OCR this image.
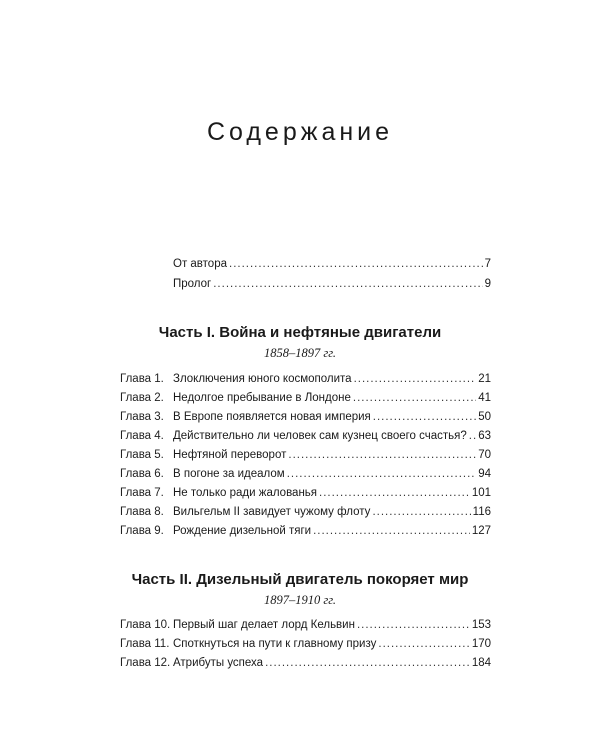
Содержание
От автора .....	7
Пролог .....	9
Часть I. Война и нефтяные двигатели
1858–1897 гг.
Глава 1. Злоключения юного космополита .....	21
Глава 2. Недолгое пребывание в Лондоне .....	41
Глава 3. В Европе появляется новая империя .....	50
Глава 4. Действительно ли человек сам кузнец своего счастья? ..... 63
Глава 5. Нефтяной переворот .....	70
Глава 6. В погоне за идеалом .....	94
Глава 7. Не только ради жалованья .....	101
Глава 8. Вильгельм II завидует чужому флоту .....	116
Глава 9. Рождение дизельной тяги .....	127
Часть II. Дизельный двигатель покоряет мир
1897–1910 гг.
Глава 10. Первый шаг делает лорд Кельвин .....	153
Глава 11. Споткнуться на пути к главному призу .....	170
Глава 12. Атрибуты успеха .....	184
